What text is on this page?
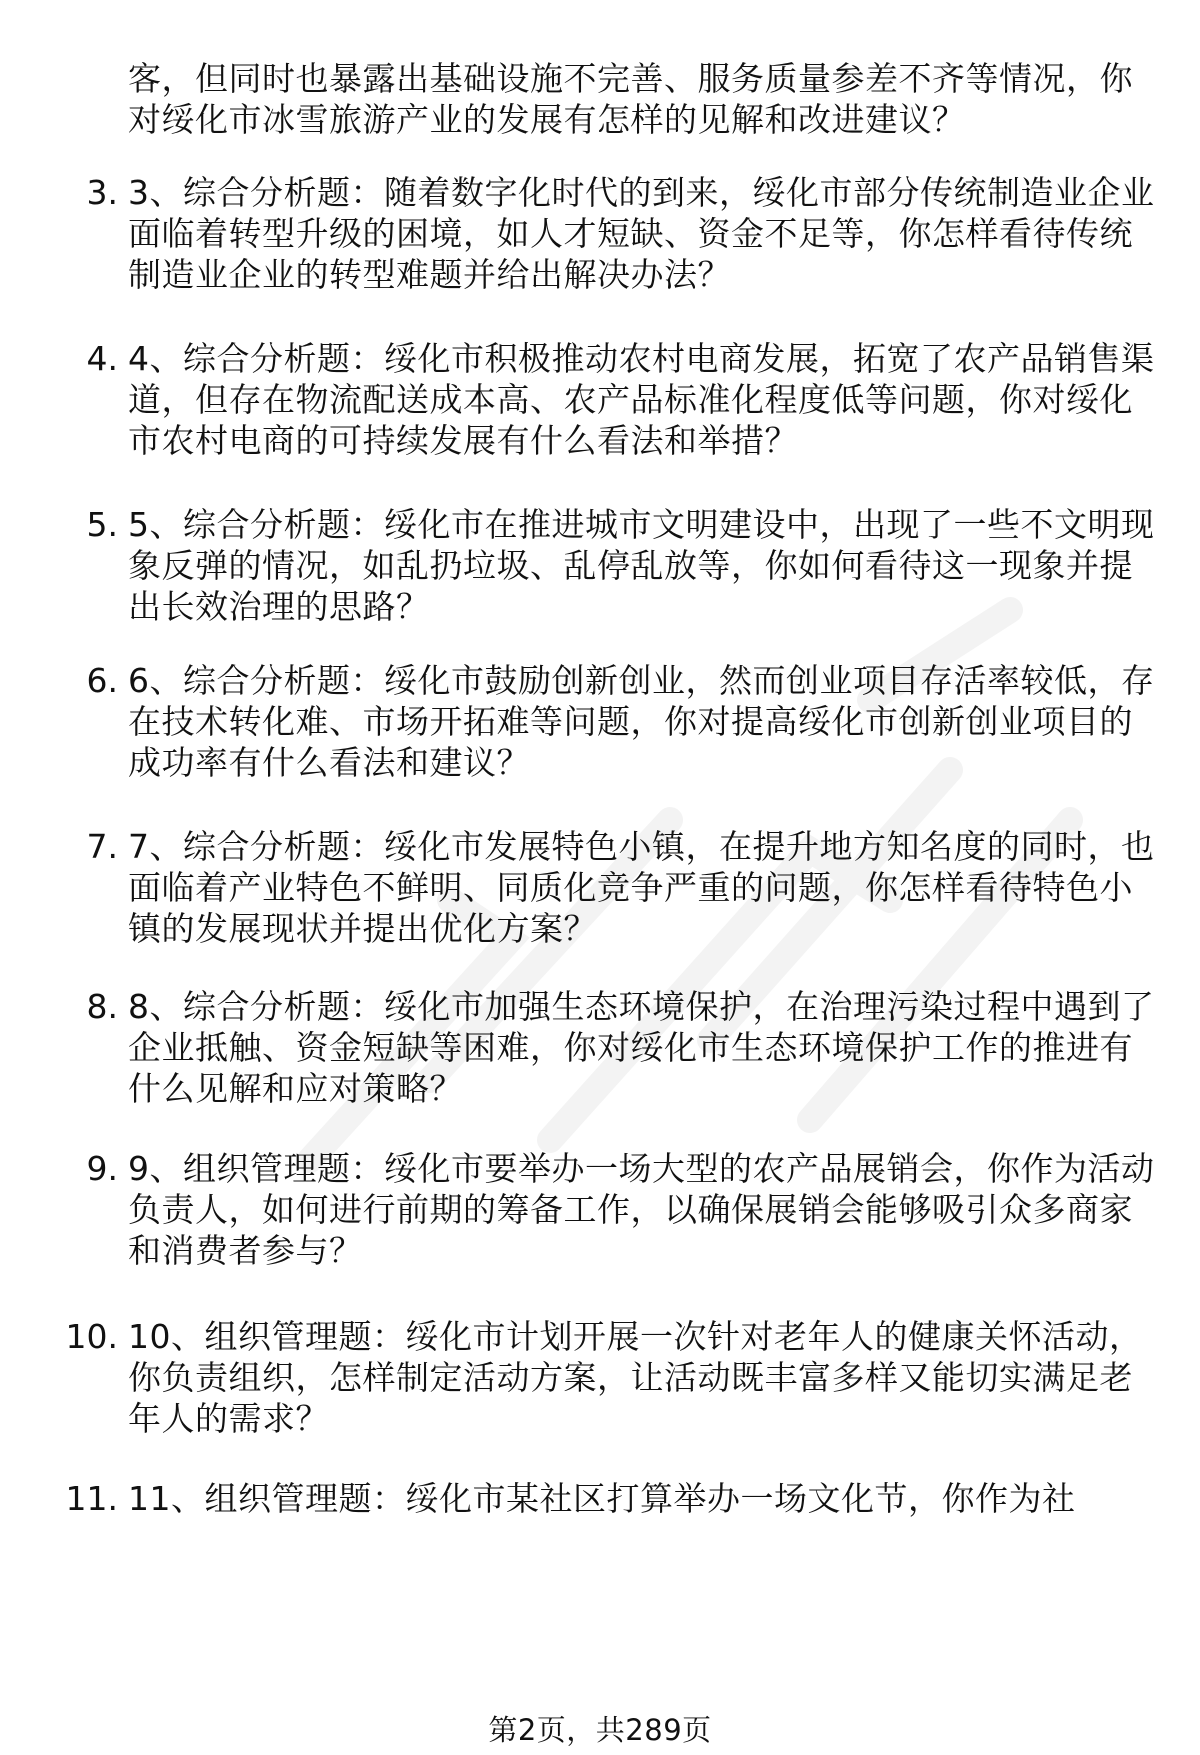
客，但同时也暴露出基础设施不完善、服务质量参差不齐等情况，你对绥化市冰雪旅游产业的发展有怎样的见解和改进建议？
3. 3、综合分析题：随着数字化时代的到来，绥化市部分传统制造业企业面临着转型升级的困境，如人才短缺、资金不足等，你怎样看待传统制造业企业的转型难题并给出解决办法？
4. 4、综合分析题：绥化市积极推动农村电商发展，拓宽了农产品销售渠道，但存在物流配送成本高、农产品标准化程度低等问题，你对绥化市农村电商的可持续发展有什么看法和举措？
5. 5、综合分析题：绥化市在推进城市文明建设中，出现了一些不文明现象反弹的情况，如乱扔垃圾、乱停乱放等，你如何看待这一现象并提出长效治理的思路？
6. 6、综合分析题：绥化市鼓励创新创业，然而创业项目存活率较低，存在技术转化难、市场开拓难等问题，你对提高绥化市创新创业项目的成功率有什么看法和建议？
7. 7、综合分析题：绥化市发展特色小镇，在提升地方知名度的同时，也面临着产业特色不鲜明、同质化竞争严重的问题，你怎样看待特色小镇的发展现状并提出优化方案？
8. 8、综合分析题：绥化市加强生态环境保护，在治理污染过程中遇到了企业抵触、资金短缺等困难，你对绥化市生态环境保护工作的推进有什么见解和应对策略？
9. 9、组织管理题：绥化市要举办一场大型的农产品展销会，你作为活动负责人，如何进行前期的筹备工作，以确保展销会能够吸引众多商家和消费者参与？
10. 10、组织管理题：绥化市计划开展一次针对老年人的健康关怀活动，你负责组织，怎样制定活动方案，让活动既丰富多样又能切实满足老年人的需求？
11. 11、组织管理题：绥化市某社区打算举办一场文化节，你作为社
第2页，共289页
